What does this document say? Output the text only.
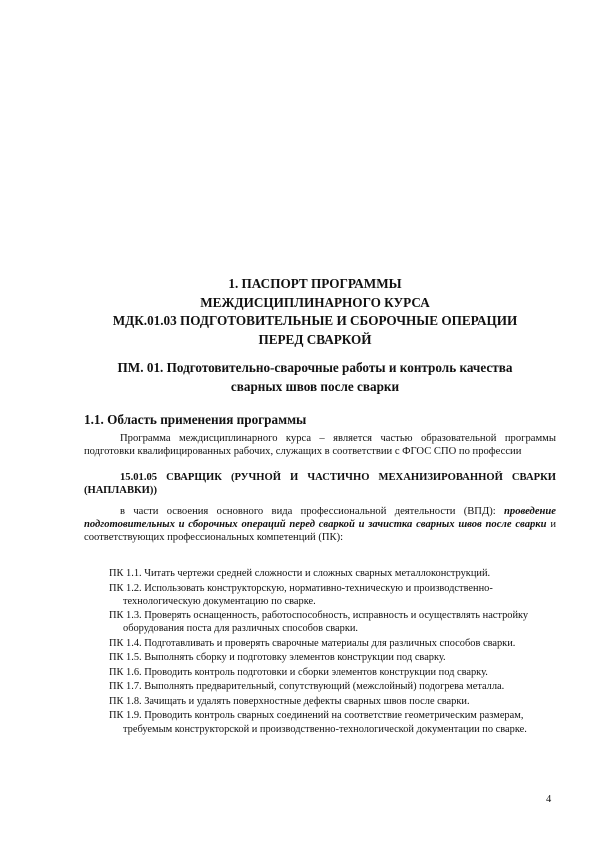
1. ПАСПОРТ ПРОГРАММЫ
МЕЖДИСЦИПЛИНАРНОГО КУРСА
МДК.01.03 ПОДГОТОВИТЕЛЬНЫЕ И СБОРОЧНЫЕ ОПЕРАЦИИ
ПЕРЕД СВАРКОЙ
ПМ. 01. Подготовительно-сварочные работы и контроль качества
сварных швов после сварки

1.1. Область применения программы

Программа междисциплинарного курса – является частью образовательной программы подготовки квалифицированных рабочих, служащих в соответствии с ФГОС СПО по профессии

15.01.05 СВАРЩИК (РУЧНОЙ И ЧАСТИЧНО МЕХАНИЗИРОВАННОЙ СВАРКИ (НАПЛАВКИ))

в части освоения основного вида профессиональной деятельности (ВПД): проведение подготовительных и сборочных операций перед сваркой и зачистка сварных швов после сварки и соответствующих профессиональных компетенций (ПК):

ПК 1.1. Читать чертежи средней сложности и сложных сварных металлоконструкций.
ПК 1.2. Использовать конструкторскую, нормативно-техническую и производственно-технологическую документацию по сварке.
ПК 1.3. Проверять оснащенность, работоспособность, исправность и осуществлять настройку оборудования поста для различных способов сварки.
ПК 1.4. Подготавливать и проверять сварочные материалы для различных способов сварки.
ПК 1.5. Выполнять сборку и подготовку элементов конструкции под сварку.
ПК 1.6. Проводить контроль подготовки и сборки элементов конструкции под сварку.
ПК 1.7. Выполнять предварительный, сопутствующий (межслойный) подогрева металла.
ПК 1.8. Зачищать и удалять поверхностные дефекты сварных швов после сварки.
ПК 1.9. Проводить контроль сварных соединений на соответствие геометрическим размерам, требуемым конструкторской и производственно-технологической документации по сварке.

4
